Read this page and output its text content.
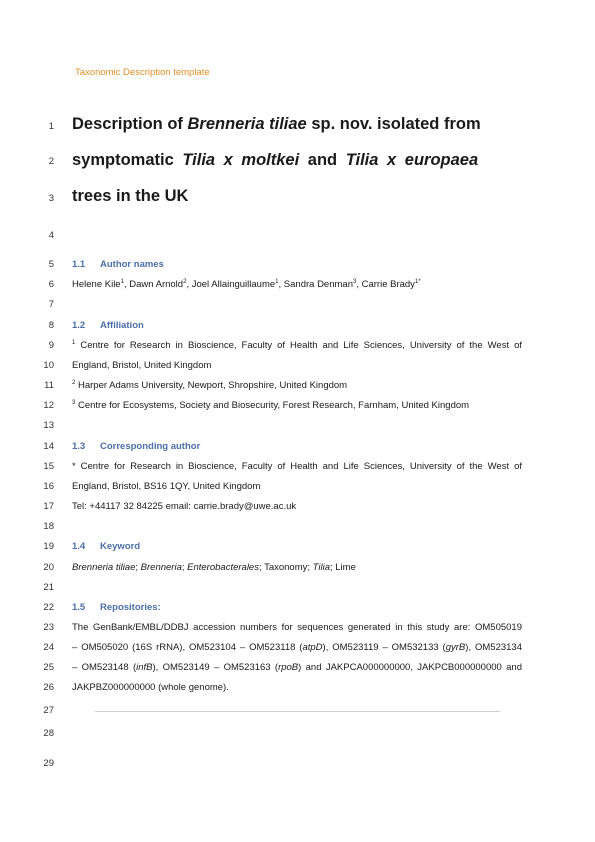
Taxonomic Description template
1
2
3
4
5
6
7
8
9
10
11
12
13
14
15
16
17
18
19
20
21
22
23
24
25
26
27
28
29
Description of Brenneria tiliae sp. nov. isolated from
symptomatic Tilia x moltkei and Tilia x europaea
trees in the UK
1.1 Author names
Helene Kile$^1$, Dawn Arnold$^2$, Joel Allainguillaume$^1$, Sandra Denman$^3$, Carrie Brady$^{1*}$
1.2 Affiliation
$^1$ Centre for Research in Bioscience, Faculty of Health and Life Sciences, University of the West of
England, Bristol, United Kingdom
$^2$ Harper Adams University, Newport, Shropshire, United Kingdom
$^3$ Centre for Ecosystems, Society and Biosecurity, Forest Research, Farnham, United Kingdom
1.3 Corresponding author
* Centre for Research in Bioscience, Faculty of Health and Life Sciences, University of the West of
England, Bristol, BS16 1QY, United Kingdom
Tel: +44117 32 84225 email: carrie.brady@uwe.ac.uk
1.4 Keyword
Brenneria tiliae; Brenneria; Enterobacterales; Taxonomy; Tilia; Lime
1.5 Repositories:
The GenBank/EMBL/DDBJ accession numbers for sequences generated in this study are: OM505019
– OM505020 (16S rRNA), OM523104 – OM523118 (atpD), OM523119 – OM532133 (gyrB), OM523134
– OM523148 (infB), OM523149 – OM523163 (rpoB) and JAKPCA000000000, JAKPCB000000000 and
JAKPBZ000000000 (whole genome).
